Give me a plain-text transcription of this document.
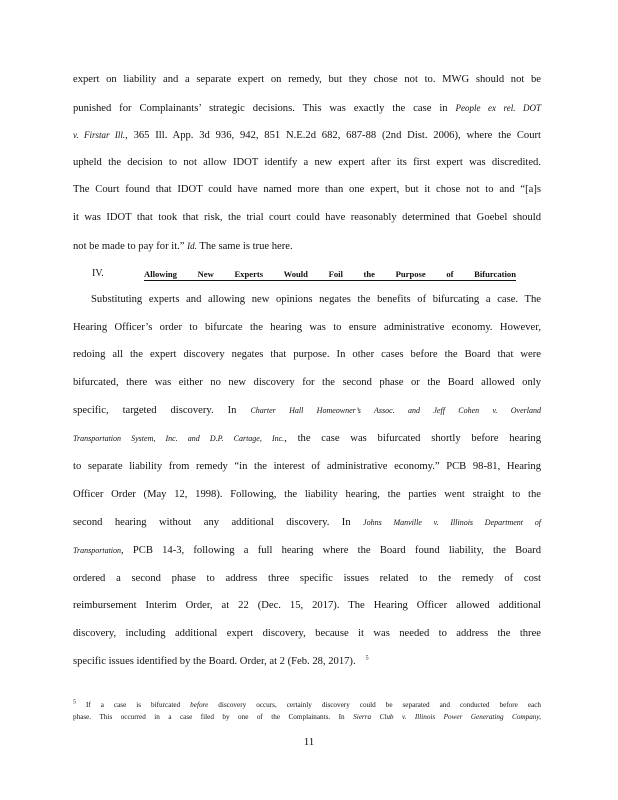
expert on liability and a separate expert on remedy, but they chose not to. MWG should not be
punished for Complainants’ strategic decisions. This was exactly the case in People ex rel. DOT
v. Firstar Ill., 365 Ill. App. 3d 936, 942, 851 N.E.2d 682, 687-88 (2nd Dist. 2006), where the Court
upheld the decision to not allow IDOT identify a new expert after its first expert was discredited.
The Court found that IDOT could have named more than one expert, but it chose not to and “[a]s
it was IDOT that took that risk, the trial court could have reasonably determined that Goebel should
not be made to pay for it.” Id. The same is true here.
IV.	Allowing New Experts Would Foil the Purpose of Bifurcation
Substituting experts and allowing new opinions negates the benefits of bifurcating a case. The
Hearing Officer’s order to bifurcate the hearing was to ensure administrative economy. However,
redoing all the expert discovery negates that purpose. In other cases before the Board that were
bifurcated, there was either no new discovery for the second phase or the Board allowed only
specific, targeted discovery. In Charter Hall Homeowner’s Assoc. and Jeff Cohen v. Overland
Transportation System, Inc. and D.P. Cartage, Inc., the case was bifurcated shortly before hearing
to separate liability from remedy “in the interest of administrative economy.” PCB 98-81, Hearing
Officer Order (May 12, 1998). Following, the liability hearing, the parties went straight to the
second hearing without any additional discovery. In Johns Manville v. Illinois Department of
Transportation, PCB 14-3, following a full hearing where the Board found liability, the Board
ordered a second phase to address three specific issues related to the remedy of cost
reimbursement Interim Order, at 22 (Dec. 15, 2017). The Hearing Officer allowed additional
discovery, including additional expert discovery, because it was needed to address the three
specific issues identified by the Board. Order, at 2 (Feb. 28, 2017). $^5$
$^5$ If a case is bifurcated before discovery occurs, certainly discovery could be separated and conducted before each
phase. This occurred in a case filed by one of the Complainants. In Sierra Club v. Illinois Power Generating Company,
11
